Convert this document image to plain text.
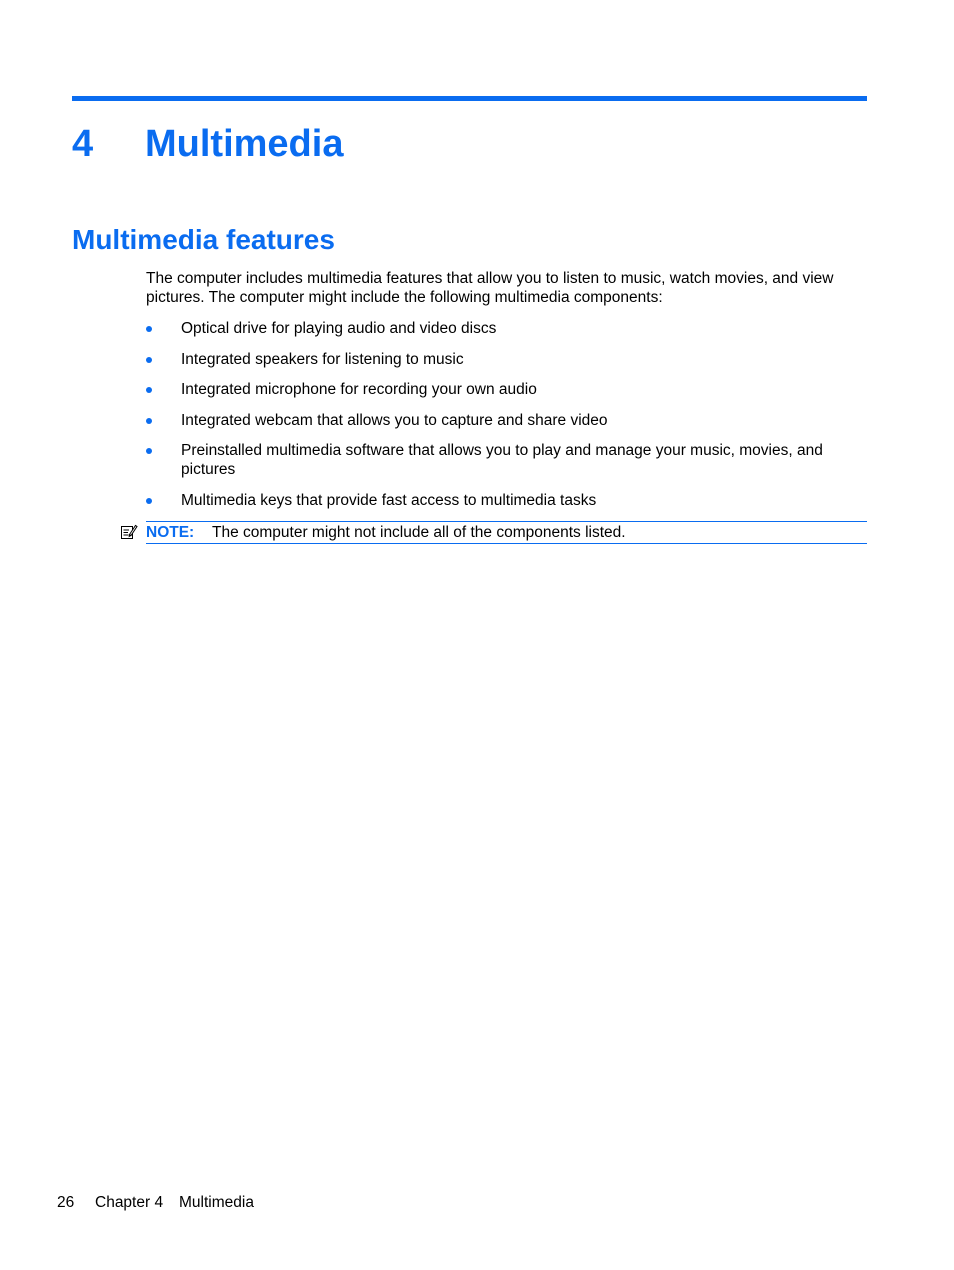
4 Multimedia
Multimedia features

The computer includes multimedia features that allow you to listen to music, watch movies, and view pictures. The computer might include the following multimedia components:

Optical drive for playing audio and video discs
Integrated speakers for listening to music
Integrated microphone for recording your own audio
Integrated webcam that allows you to capture and share video
Preinstalled multimedia software that allows you to play and manage your music, movies, and pictures
Multimedia keys that provide fast access to multimedia tasks
NOTE: The computer might not include all of the components listed.
26 Chapter 4 Multimedia
